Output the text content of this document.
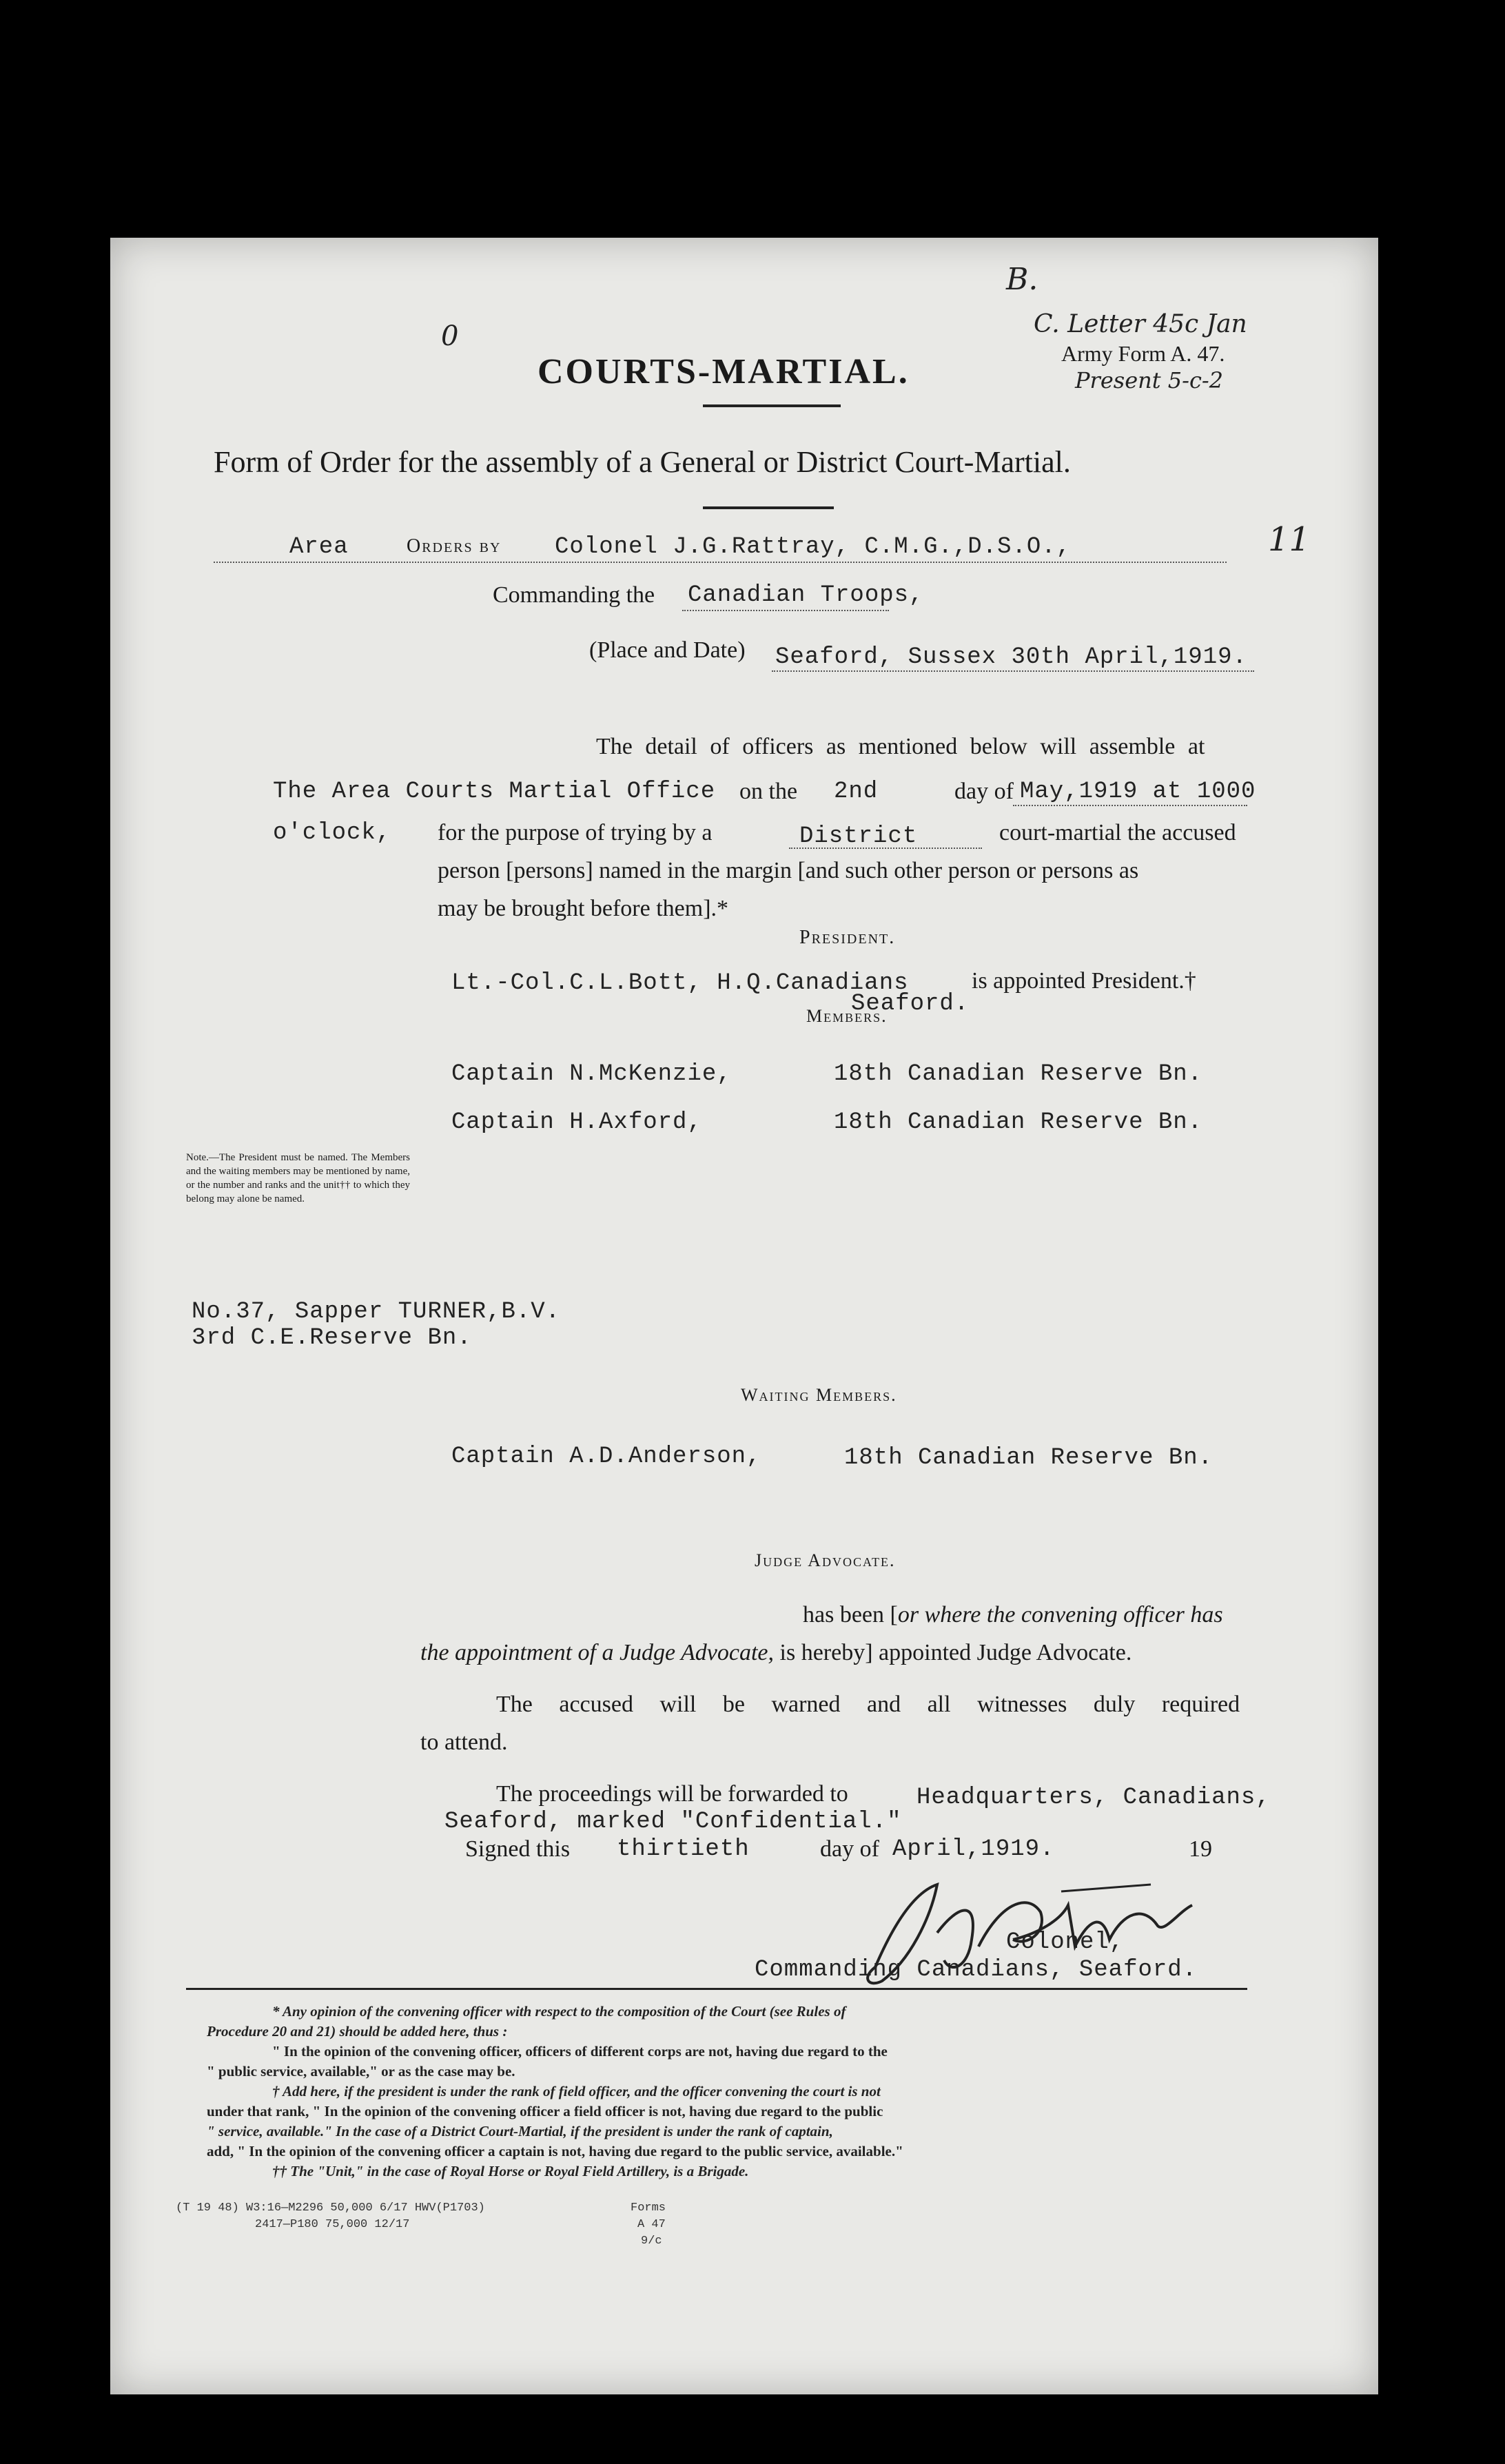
B.
0	C. Letter 45c Jan
Army Form A. 47.
Present 5-c-2
COURTS-MARTIAL.
Form of Order for the assembly of a General or District Court-Martial.
Area	Orders by Colonel J.G.Rattray, C.M.G.,D.S.O.,	11
Commanding the Canadian Troops,
(Place and Date) Seaford, Sussex 30th April,1919.
The detail of officers as mentioned below will assemble at
The Area Courts Martial Office on the 2nd	day of May,1919 at 1000
o'clock, for the purpose of trying by a	District	court-martial the accused
person [persons] named in the margin [and such other person or persons as
may be brought before them].*
President.
Lt.-Col.C.L.Bott, H.Q.Canadians
Seaford.
is appointed President.†
Members.
Captain N.McKenzie,	18th Canadian Reserve Bn.
Captain H.Axford,	18th Canadian Reserve Bn.
Note.—The President must be named. The Members and the waiting members may be mentioned by name, or the number and ranks and the unit†† to which they belong may alone be named.
No.37, Sapper TURNER,B.V.
3rd C.E.Reserve Bn.
Waiting Members.
Captain A.D.Anderson,	18th Canadian Reserve Bn.
Judge Advocate.
has been [or where the convening officer has
the appointment of a Judge Advocate, is hereby] appointed Judge Advocate.
The accused will be warned and all witnesses duly required
to attend.
The proceedings will be forwarded to	Headquarters, Canadians,
Seaford, marked "Confidential."
Signed this thirtieth	day of April,1919.	19
Colonel,
Commanding Canadians, Seaford.
* Any opinion of the convening officer with respect to the composition of the Court (see Rules of
Procedure 20 and 21) should be added here, thus :
" In the opinion of the convening officer, officers of different corps are not, having due regard to the
" public service, available," or as the case may be.
† Add here, if the president is under the rank of field officer, and the officer convening the court is not
under that rank, " In the opinion of the convening officer a field officer is not, having due regard to the public
" service, available." In the case of a District Court-Martial, if the president is under the rank of captain,
add, " In the opinion of the convening officer a captain is not, having due regard to the public service, available."
†† The "Unit," in the case of Royal Horse or Royal Field Artillery, is a Brigade.
(T 19 48) W3:16—M2296 50,000 6/17 HWV(P1703)
2417—P180 75,000 12/17
Forms
A 47
9/c
